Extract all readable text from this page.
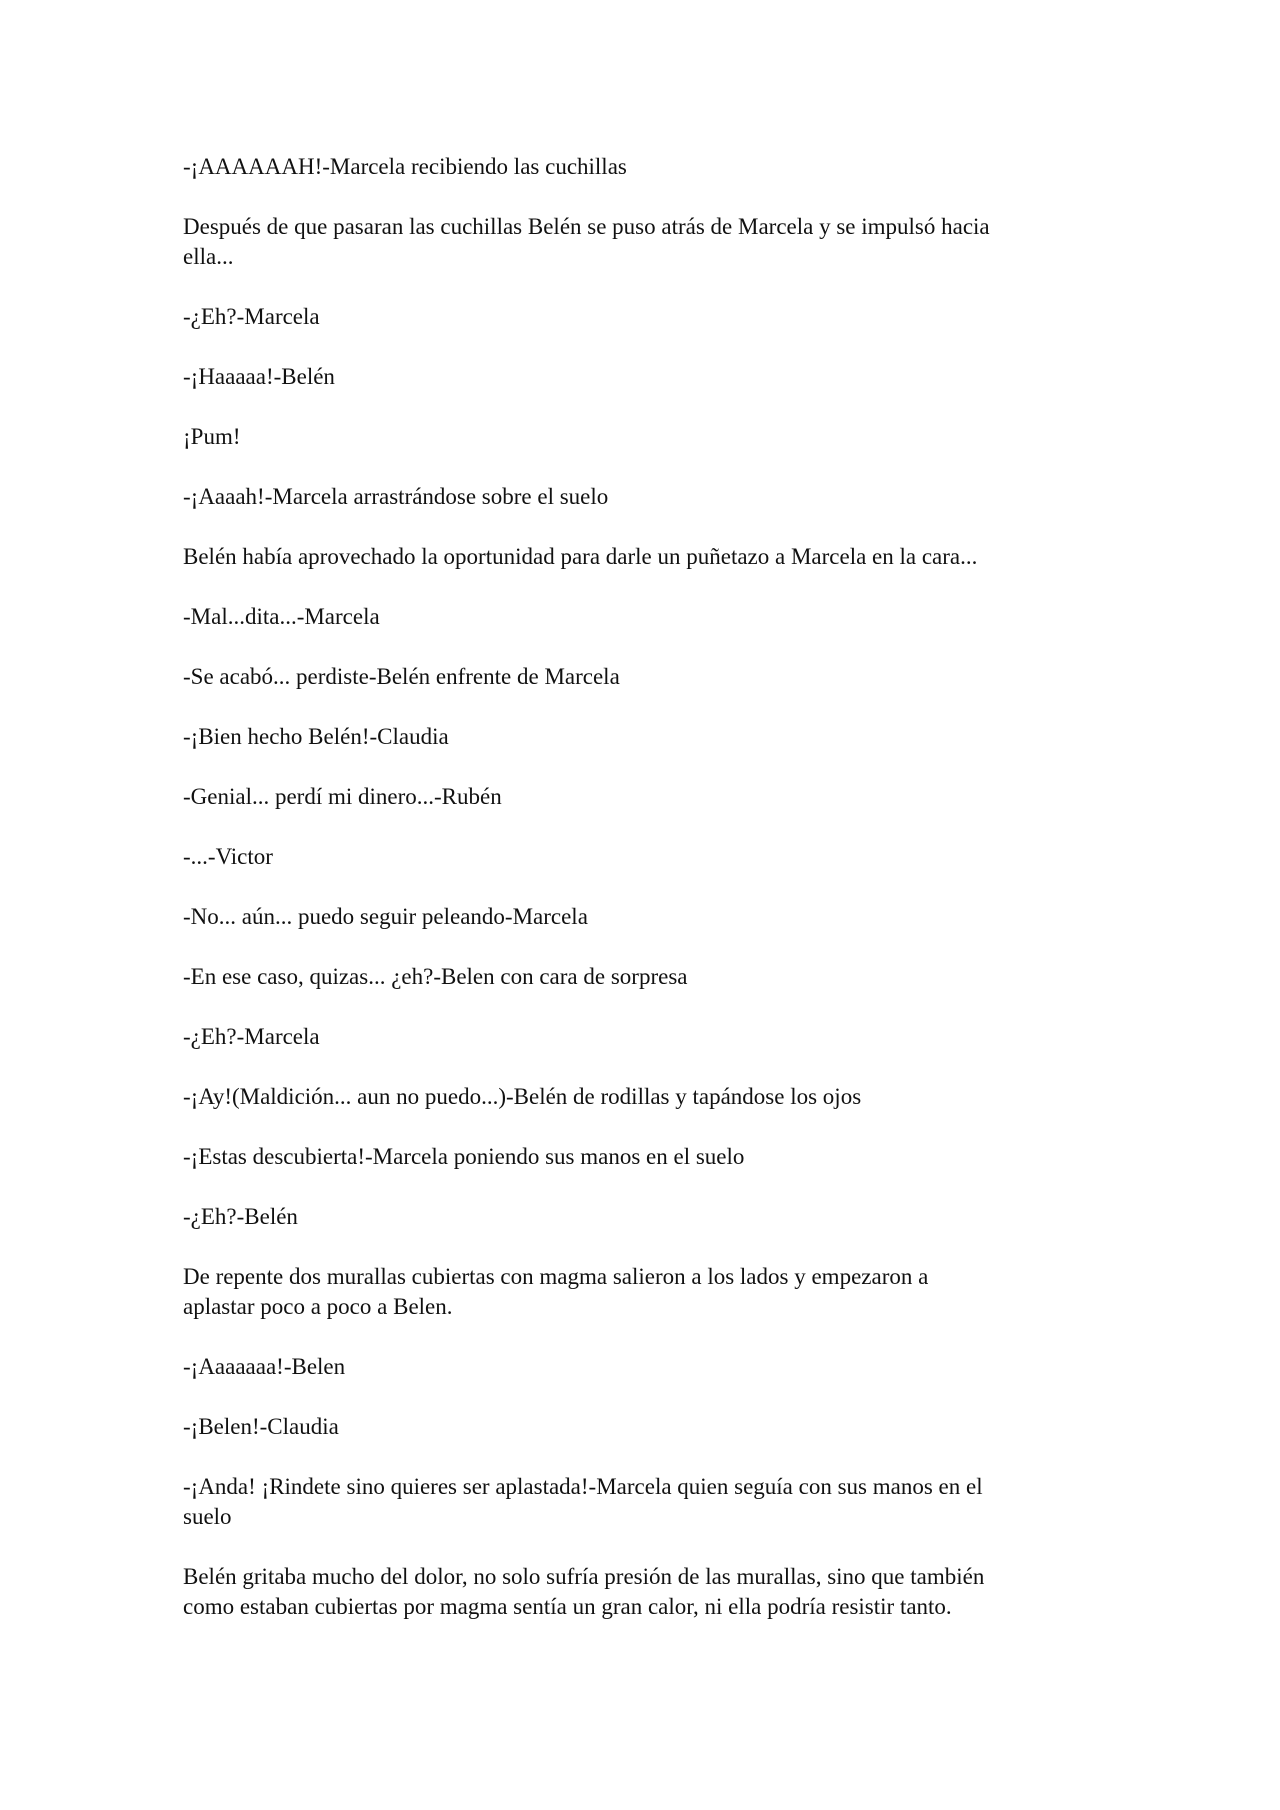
-¡AAAAAAH!-Marcela recibiendo las cuchillas

Después de que pasaran las cuchillas Belén se puso atrás de Marcela y se impulsó hacia
ella...

-¿Eh?-Marcela

-¡Haaaaa!-Belén

¡Pum!

-¡Aaaah!-Marcela arrastrándose sobre el suelo

Belén había aprovechado la oportunidad para darle un puñetazo a Marcela en la cara...

-Mal...dita...-Marcela

-Se acabó... perdiste-Belén enfrente de Marcela

-¡Bien hecho Belén!-Claudia

-Genial... perdí mi dinero...-Rubén

-...-Victor

-No... aún... puedo seguir peleando-Marcela

-En ese caso, quizas... ¿eh?-Belen con cara de sorpresa

-¿Eh?-Marcela

-¡Ay!(Maldición... aun no puedo...)-Belén de rodillas y tapándose los ojos

-¡Estas descubierta!-Marcela poniendo sus manos en el suelo

-¿Eh?-Belén

De repente dos murallas cubiertas con magma salieron a los lados y empezaron a
aplastar poco a poco a Belen.

-¡Aaaaaaa!-Belen

-¡Belen!-Claudia

-¡Anda! ¡Rindete sino quieres ser aplastada!-Marcela quien seguía con sus manos en el
suelo

Belén gritaba mucho del dolor, no solo sufría presión de las murallas, sino que también
como estaban cubiertas por magma sentía un gran calor, ni ella podría resistir tanto.
